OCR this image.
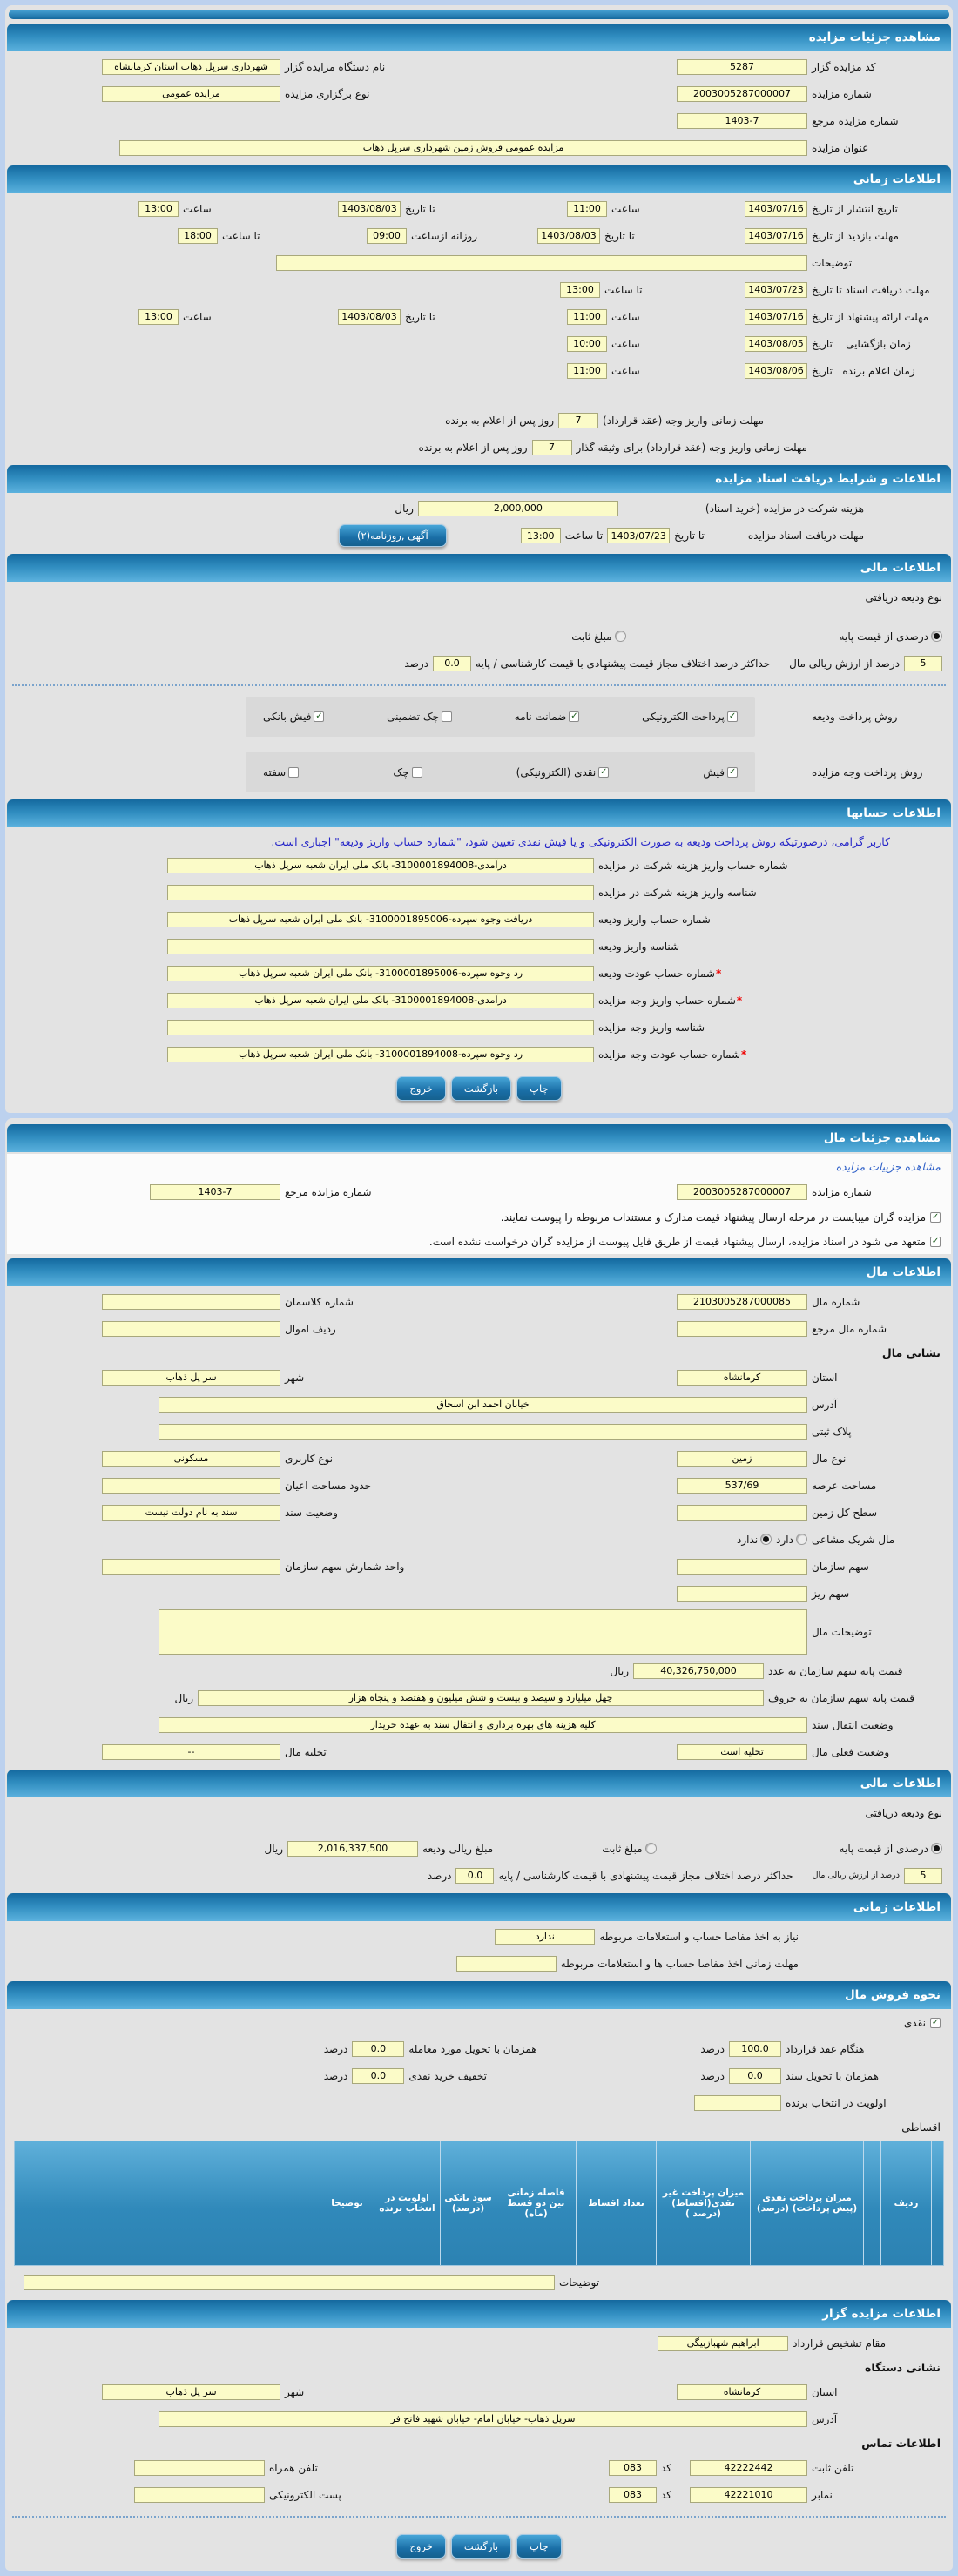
مشاهده جزئیات مزایده
کد مزایده گزار
5287
نام دستگاه مزایده گزار
شهرداری سرپل ذهاب استان کرمانشاه
شماره مزایده
2003005287000007
نوع برگزاری مزایده
مزایده عمومی
شماره مزایده مرجع
1403-7
عنوان مزایده
مزایده عمومی فروش زمین شهرداری سرپل ذهاب
اطلاعات زمانی
تاریخ انتشار از تاریخ
1403/07/16
ساعت
11:00
تا تاریخ
1403/08/03
ساعت
13:00
مهلت بازدید از تاریخ
1403/07/16
تا تاریخ
1403/08/03
روزانه ازساعت
09:00
تا ساعت
18:00
توضیحات
مهلت دریافت اسناد تا تاریخ
1403/07/23
تا ساعت
13:00
مهلت ارائه پیشنهاد از تاریخ
1403/07/16
ساعت
11:00
تا تاریخ
1403/08/03
ساعت
13:00
زمان بازگشایی    تاریخ
1403/08/05
ساعت
10:00
زمان اعلام برنده   تاریخ
1403/08/06
ساعت
11:00
مهلت زمانی واریز وجه (عقد قرارداد)
7
روز پس از اعلام به برنده
مهلت زمانی واریز وجه (عقد قرارداد) برای وثیقه گذار
7
روز پس از اعلام به برنده
اطلاعات و شرایط دریافت اسناد مزایده
هزینه شرکت در مزایده (خرید اسناد)
2,000,000
ریال
مهلت دریافت اسناد مزایده
تا تاریخ
1403/07/23
تا ساعت
13:00
آگهی ,روزنامه(۲)
اطلاعات مالی
نوع ودیعه دریافتی
درصدی از قیمت پایه
مبلغ ثابت
5
درصد از ارزش ریالی مال
حداکثر درصد اختلاف مجاز قیمت پیشنهادی با قیمت کارشناسی / پایه
0.0
درصد
روش پرداخت ودیعه
✓
پرداخت الکترونیکی
✓
ضمانت نامه
چک تضمینی
✓
فیش بانکی
روش پرداخت وجه مزایده
✓
فیش
✓
نقدی (الکترونیکی)
چک
سفته
اطلاعات حسابها
کاربر گرامی، درصورتیکه روش پرداخت ودیعه به صورت الکترونیکی و یا فیش نقدی تعیین شود، "شماره حساب واریز ودیعه" اجباری است.
شماره حساب واریز هزینه شرکت در مزایده
درآمدی-3100001894008- بانک ملی ایران شعبه سرپل ذهاب
شناسه واریز هزینه شرکت در مزایده
شماره حساب واریز ودیعه
دریافت وجوه سپرده-3100001895006- بانک ملی ایران شعبه سرپل ذهاب
شناسه واریز ودیعه
*شماره حساب عودت ودیعه
رد وجوه سپرده-3100001895006- بانک ملی ایران شعبه سرپل ذهاب
*شماره حساب واریز وجه مزایده
درآمدی-3100001894008- بانک ملی ایران شعبه سرپل ذهاب
شناسه واریز وجه مزایده
*شماره حساب عودت وجه مزایده
رد وجوه سپرده-3100001894008- بانک ملی ایران شعبه سرپل ذهاب
چاپ
بازگشت
خروج
مشاهده جزئیات مال
مشاهده جزییات مزایده
شماره مزایده
2003005287000007
شماره مزایده مرجع
1403-7
✓
مزایده گران میبایست در مرحله ارسال پیشنهاد قیمت مدارک و مستندات مربوطه را پیوست نمایند.
✓
متعهد می شود در اسناد مزایده، ارسال پیشنهاد قیمت از طریق فایل پیوست از مزایده گران درخواست نشده است.
اطلاعات مال
شماره مال
2103005287000085
شماره کلاسمان
شماره مال مرجع
ردیف اموال
نشانی مال
استان
کرمانشاه
شهر
سر پل ذهاب
آدرس
خیابان احمد ابن اسحاق
پلاک ثبتی
نوع مال
زمین
نوع کاربری
مسکونی
مساحت عرصه
537/69
حدود مساحت اعیان
سطح کل زمین
وضعیت سند
سند به نام دولت نیست
مال شریک مشاعی
دارد
ندارد
سهم سازمان
واحد شمارش سهم سازمان
سهم ریز
توضیحات مال
قیمت پایه سهم سازمان به عدد
40,326,750,000
ریال
قیمت پایه سهم سازمان به حروف
چهل میلیارد و سیصد و بیست و شش میلیون و هفتصد و پنجاه هزار
ریال
وضعیت انتقال سند
کلیه هزینه های بهره برداری و انتقال سند به عهده خریدار
وضعیت فعلی مال
تخلیه است
تخلیه مال
--
اطلاعات مالی
نوع ودیعه دریافتی
درصدی از قیمت پایه
مبلغ ثابت
مبلغ ریالی ودیعه
2,016,337,500
ریال
5
درصد از ارزش ریالی مال
حداکثر درصد اختلاف مجاز قیمت پیشنهادی با قیمت کارشناسی / پایه
0.0
درصد
اطلاعات زمانی
نیاز به اخذ مفاصا حساب و استعلامات مربوطه
ندارد
مهلت زمانی اخذ مفاصا حساب ها و استعلامات مربوطه
نحوه فروش مال
✓
نقدی
هنگام عقد قرارداد
100.0
درصد
همزمان با تحویل مورد معامله
0.0
درصد
همزمان با تحویل سند
0.0
درصد
تخفیف خرید نقدی
0.0
درصد
اولویت در انتخاب برنده
اقساطی
ردیف
میزان پرداخت نقدی (پیش پرداخت) (درصد)
میزان پرداخت غیر نقدی(اقساط) (درصد )
تعداد اقساط
فاصله زمانی بین دو قسط (ماه)
سود بانکی (درصد)
اولویت در انتخاب برنده
توضیحا
توضیحات
اطلاعات مزایده گزار
مقام تشخیص قرارداد
ابراهیم شهبازبیگی
نشانی دستگاه
استان
کرمانشاه
شهر
سر پل ذهاب
آدرس
سرپل ذهاب- خیابان امام- خیابان شهید فاتح فر
اطلاعات تماس
تلفن ثابت
42222442
کد
083
تلفن همراه
نمابر
42221010
کد
083
پست الکترونیکی
چاپ
بازگشت
خروج
